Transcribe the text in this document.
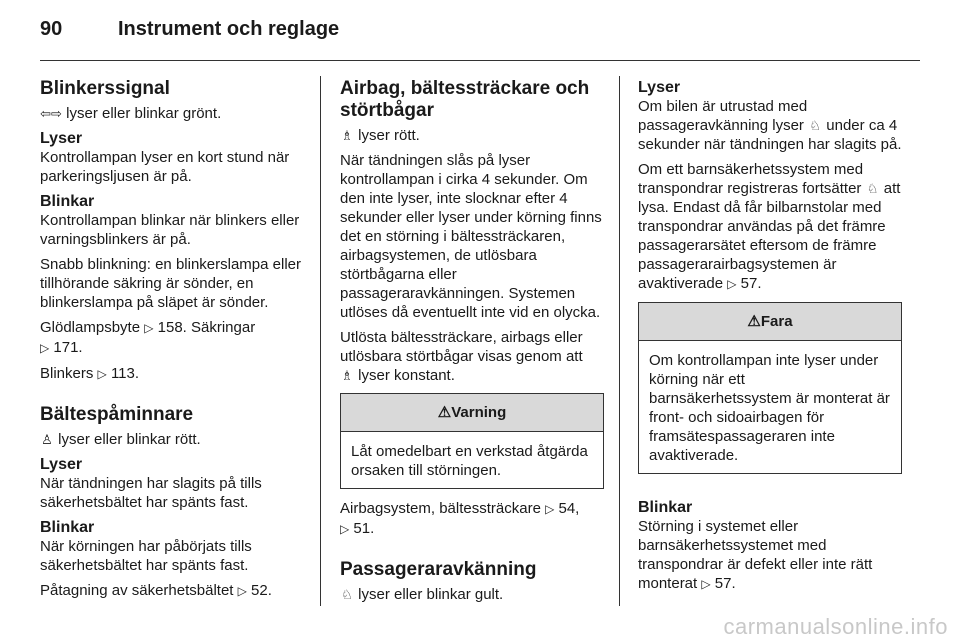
90	Instrument och reglage
Blinkerssignal

⇦⇨ lyser eller blinkar grönt.

Lyser

Kontrollampan lyser en kort stund när parkeringsljusen är på.

Blinkar

Kontrollampan blinkar när blinkers eller varningsblinkers är på.

Snabb blinkning: en blinkerslampa eller tillhörande säkring är sönder, en blinkerslampa på släpet är sönder.

Glödlampsbyte ▷ 158. Säkringar
▷ 171.

Blinkers ▷ 113.

Bältespåminnare

♙ lyser eller blinkar rött.

Lyser

När tändningen har slagits på tills säkerhetsbältet har spänts fast.

Blinkar

När körningen har påbörjats tills säkerhetsbältet har spänts fast.

Påtagning av säkerhetsbältet ▷ 52.

Airbag, bältessträckare och störtbågar

♗ lyser rött.

När tändningen slås på lyser kontrollampan i cirka 4 sekunder. Om den inte lyser, inte slocknar efter 4 sekunder eller lyser under körning finns det en störning i bältessträckaren, airbagsystemen, de utlösbara störtbågarna eller passageraravkänningen. Systemen utlöses då eventuellt inte vid en olycka.

Utlösta bältessträckare, airbags eller utlösbara störtbågar visas genom att
♗ lyser konstant.

⚠Varning
Låt omedelbart en verkstad åtgärda orsaken till störningen.

Airbagsystem, bältessträckare ▷ 54,
▷ 51.

Passageraravkänning

♘ lyser eller blinkar gult.

Lyser

Om bilen är utrustad med passageravkänning lyser ♘ under ca 4 sekunder när tändningen har slagits på.

Om ett barnsäkerhetssystem med transpondrar registreras fortsätter ♘ att lysa. Endast då får bilbarnstolar med transpondrar användas på det främre passagerarsätet eftersom de främre passagerarairbagsystemen är avaktiverade ▷ 57.

⚠Fara
Om kontrollampan inte lyser under körning när ett barnsäkerhetssystem är monterat är front- och sidoairbagen för framsätespassageraren inte avaktiverade.
Blinkar

Störning i systemet eller barnsäkerhetssystemet med transpondrar är defekt eller inte rätt monterat ▷ 57.

carmanualsonline.info
